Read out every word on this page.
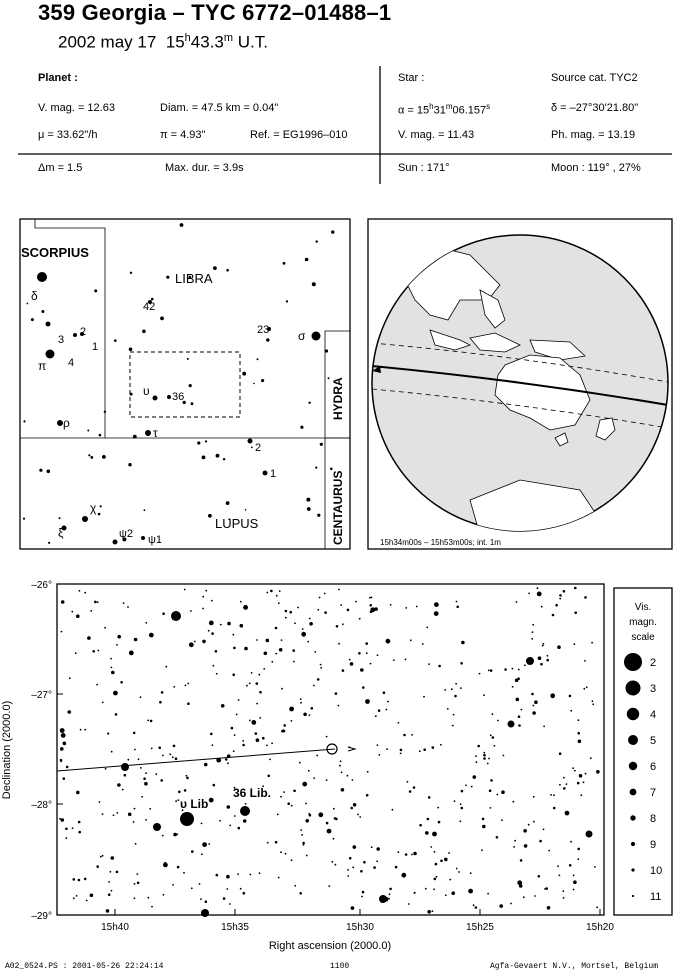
359 Georgia – TYC 6772–01488–1
2002 may 17  15$^h$43.3$^m$ U.T.
Planet :
V. mag. = 12.63	Diam. = 47.5 km = 0.04"
μ = 33.62"/h	π = 4.93"	Ref. = EG1996–010
Δm = 1.5	Max. dur. = 3.9s
Star :	Source cat. TYC2
$\alpha = 15^h31^m06.157^s$	δ = –27°30'21.80"
V. mag. = 11.43	Ph. mag. = 13.19
Sun : 171°	Moon : 119° , 27%
SCORPIUS
LIBRA
HYDRA
CENTAURUS
LUPUS
δ
3
2
1
π 4
ρ
42
υ 36
τ
23 σ
2
1
χ
ξ	ψ2 ψ1	15h34m00s – 15h53m00s; int. 1m
–26°
–27°
–28°
–29°
15h40	15h35	15h30	15h25	15h20
υ Lib
36 Lib.
Right ascension (2000.0)
Declination (2000.0)
Vis.
magn.
scale
2
3
4
5
6
7
8
9
10
11
A02_0524.PS : 2001-05-26 22:24:14	1100	Agfa-Gevaert N.V., Mortsel, Belgium
